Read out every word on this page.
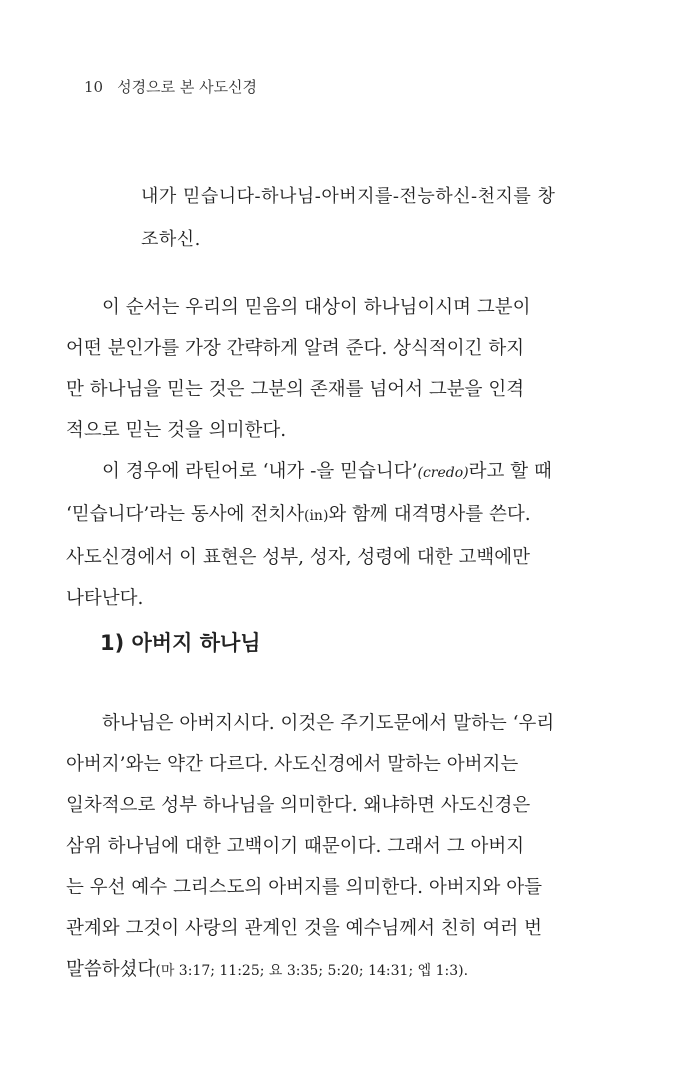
10 성경으로 본 사도신경

내가 믿습니다-하나님-아버지를-전능하신-천지를 창

조하신.

이 순서는 우리의 믿음의 대상이 하나님이시며 그분이
어떤 분인가를 가장 간략하게 알려 준다. 상식적이긴 하지
만 하나님을 믿는 것은 그분의 존재를 넘어서 그분을 인격
적으로 믿는 것을 의미한다.

이 경우에 라틴어로 ‘내가 -을 믿습니다’(credo)라고 할 때
‘믿습니다’라는 동사에 전치사(in)와 함께 대격명사를 쓴다.
사도신경에서 이 표현은 성부, 성자, 성령에 대한 고백에만
나타난다.

1) 아버지 하나님

하나님은 아버지시다. 이것은 주기도문에서 말하는 ‘우리
아버지’와는 약간 다르다. 사도신경에서 말하는 아버지는
일차적으로 성부 하나님을 의미한다. 왜냐하면 사도신경은
삼위 하나님에 대한 고백이기 때문이다. 그래서 그 아버지
는 우선 예수 그리스도의 아버지를 의미한다. 아버지와 아들
관계와 그것이 사랑의 관계인 것을 예수님께서 친히 여러 번
말씀하셨다(마 3:17; 11:25; 요 3:35; 5:20; 14:31; 엡 1:3).
